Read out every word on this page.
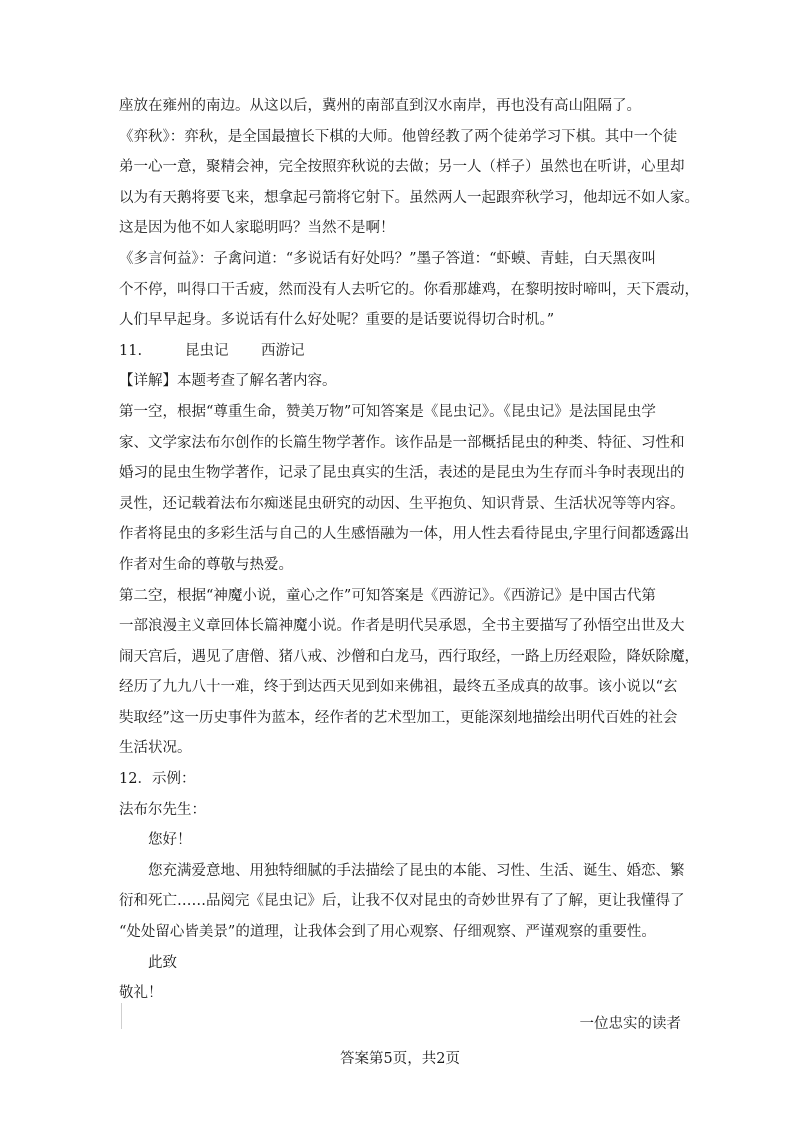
座放在雍州的南边。从这以后，冀州的南部直到汉水南岸，再也没有高山阻隔了。

《弈秋》：弈秋，是全国最擅长下棋的大师。他曾经教了两个徒弟学习下棋。其中一个徒

弟一心一意，聚精会神，完全按照弈秋说的去做；另一人（样子）虽然也在听讲，心里却

以为有天鹅将要飞来，想拿起弓箭将它射下。虽然两人一起跟弈秋学习，他却远不如人家。

这是因为他不如人家聪明吗？当然不是啊！

《多言何益》：子禽问道：“多说话有好处吗？”墨子答道：“虾蟆、青蛙，白天黑夜叫

个不停，叫得口干舌疲，然而没有人去听它的。你看那雄鸡，在黎明按时啼叫，天下震动，

人们早早起身。多说话有什么好处呢？重要的是话要说得切合时机。”

11.	昆虫记	西游记

【详解】本题考查了解名著内容。

第一空，根据“尊重生命，赞美万物”可知答案是《昆虫记》。《昆虫记》是法国昆虫学

家、文学家法布尔创作的长篇生物学著作。该作品是一部概括昆虫的种类、特征、习性和

婚习的昆虫生物学著作，记录了昆虫真实的生活，表述的是昆虫为生存而斗争时表现出的

灵性，还记载着法布尔痴迷昆虫研究的动因、生平抱负、知识背景、生活状况等等内容。

作者将昆虫的多彩生活与自己的人生感悟融为一体，用人性去看待昆虫,字里行间都透露出

作者对生命的尊敬与热爱。

第二空，根据“神魔小说，童心之作”可知答案是《西游记》。《西游记》是中国古代第

一部浪漫主义章回体长篇神魔小说。作者是明代吴承恩，全书主要描写了孙悟空出世及大

闹天宫后，遇见了唐僧、猪八戒、沙僧和白龙马，西行取经，一路上历经艰险，降妖除魔，

经历了九九八十一难，终于到达西天见到如来佛祖，最终五圣成真的故事。该小说以“玄

奘取经”这一历史事件为蓝本，经作者的艺术型加工，更能深刻地描绘出明代百姓的社会

生活状况。

12．示例：

法布尔先生：

您好！

您充满爱意地、用独特细腻的手法描绘了昆虫的本能、习性、生活、诞生、婚恋、繁

衍和死亡……品阅完《昆虫记》后，让我不仅对昆虫的奇妙世界有了了解，更让我懂得了

“处处留心皆美景”的道理，让我体会到了用心观察、仔细观察、严谨观察的重要性。

此致

敬礼！

一位忠实的读者

答案第5页，共2页
